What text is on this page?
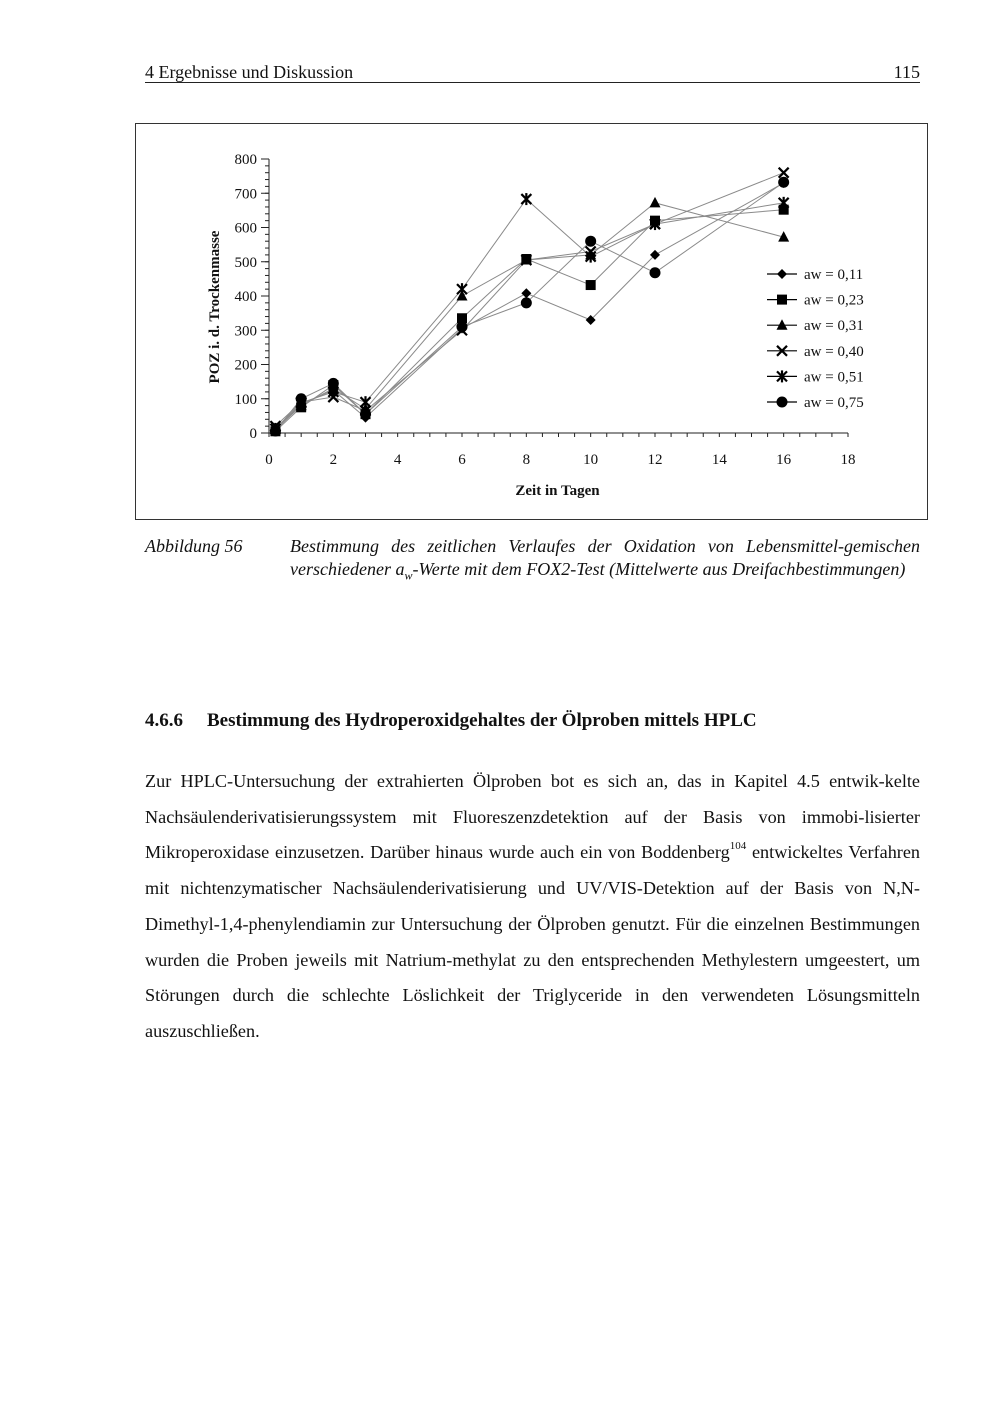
4 Ergebnisse und Diskussion	115
0
100
200
300
400
500
600
700
800
0	2	4	6	8	10	12	14	16	18
Zeit in Tagen
POZ i. d. Trockenmasse	aw = 0,11
aw = 0,23
aw = 0,31
aw = 0,40
aw = 0,51
aw = 0,75
Abbildung 56	Bestimmung des zeitlichen Verlaufes der Oxidation von Lebensmittel-gemischen verschiedener $a_w$-Werte mit dem FOX2-Test (Mittelwerte aus Dreifachbestimmungen)
4.6.6 Bestimmung des Hydroperoxidgehaltes der Ölproben mittels HPLC

Zur HPLC-Untersuchung der extrahierten Ölproben bot es sich an, das in Kapitel 4.5 entwik-kelte Nachsäulenderivatisierungssystem mit Fluoreszenzdetektion auf der Basis von immobi-lisierter Mikroperoxidase einzusetzen. Darüber hinaus wurde auch ein von Boddenberg$^{104}$ entwickeltes Verfahren mit nichtenzymatischer Nachsäulenderivatisierung und UV/VIS-Detektion auf der Basis von N,N-Dimethyl-1,4-phenylendiamin zur Untersuchung der Ölproben genutzt. Für die einzelnen Bestimmungen wurden die Proben jeweils mit Natrium-methylat zu den entsprechenden Methylestern umgeestert, um Störungen durch die schlechte Löslichkeit der Triglyceride in den verwendeten Lösungsmitteln auszuschließen.
